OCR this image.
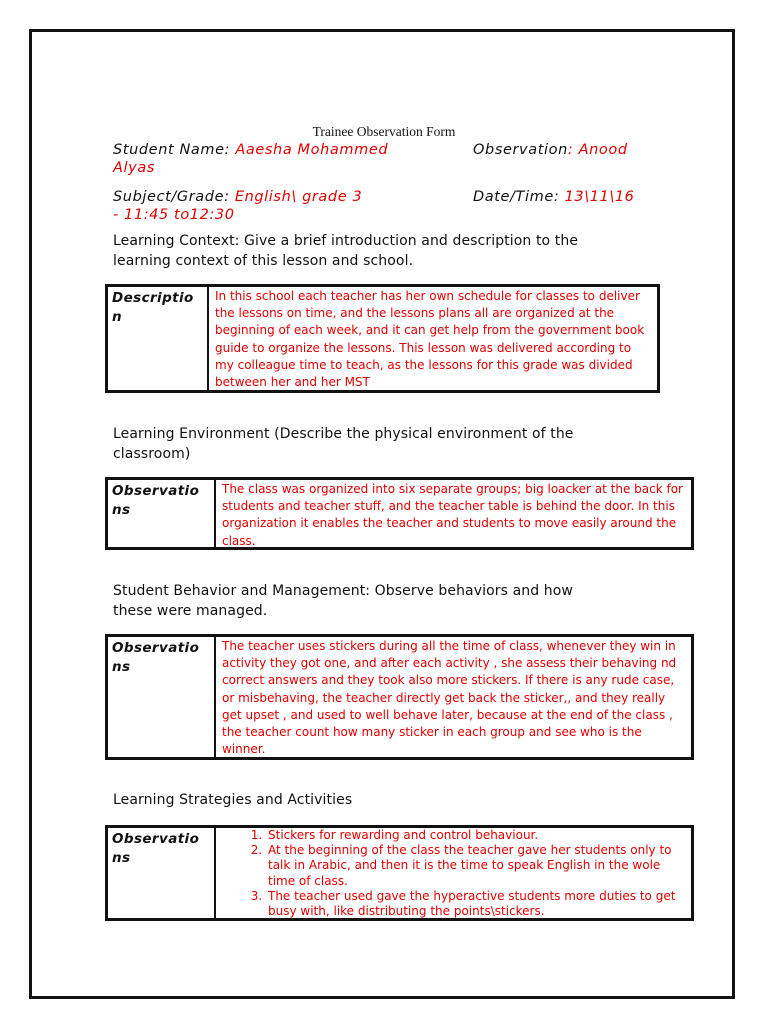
Trainee Observation Form
Student Name: Aaesha Mohammed
Alyas
Observation: Anood
Subject/Grade: English\ grade 3
- 11:45 to12:30
Date/Time: 13\11\16
Learning Context: Give a brief introduction and description to the
learning context of this lesson and school.
Descriptio
n
In this school each teacher has her own schedule for classes to deliver the lessons on time, and the lessons plans all are organized at the beginning of each week, and it can get help from the government book guide to organize the lessons. This lesson was delivered according to my colleague time to teach, as the lessons for this grade was divided between her and her MST
Learning Environment (Describe the physical environment of the
classroom)
Observatio
ns
The class was organized into six separate groups; big loacker at the back for students and teacher stuff, and the teacher table is behind the door. In this organization it enables the teacher and students to move easily around the class.
Student Behavior and Management: Observe behaviors and how
these were managed.
Observatio
ns
The teacher uses stickers during all the time of class, whenever they win in activity they got one, and after each activity , she assess their behaving nd correct answers and they took also more stickers. If there is any rude case, or misbehaving, the teacher directly get back the sticker,, and they really get upset , and used to well behave later, because at the end of the class , the teacher count how many sticker in each group and see who is the winner.
Learning Strategies and Activities
Observatio
ns
1. Stickers for rewarding and control behaviour.
2. At the beginning of the class the teacher gave her students only to talk in Arabic, and then it is the time to speak English in the wole time of class.
3. The teacher used gave the hyperactive students more duties to get busy with, like distributing the points\stickers.
